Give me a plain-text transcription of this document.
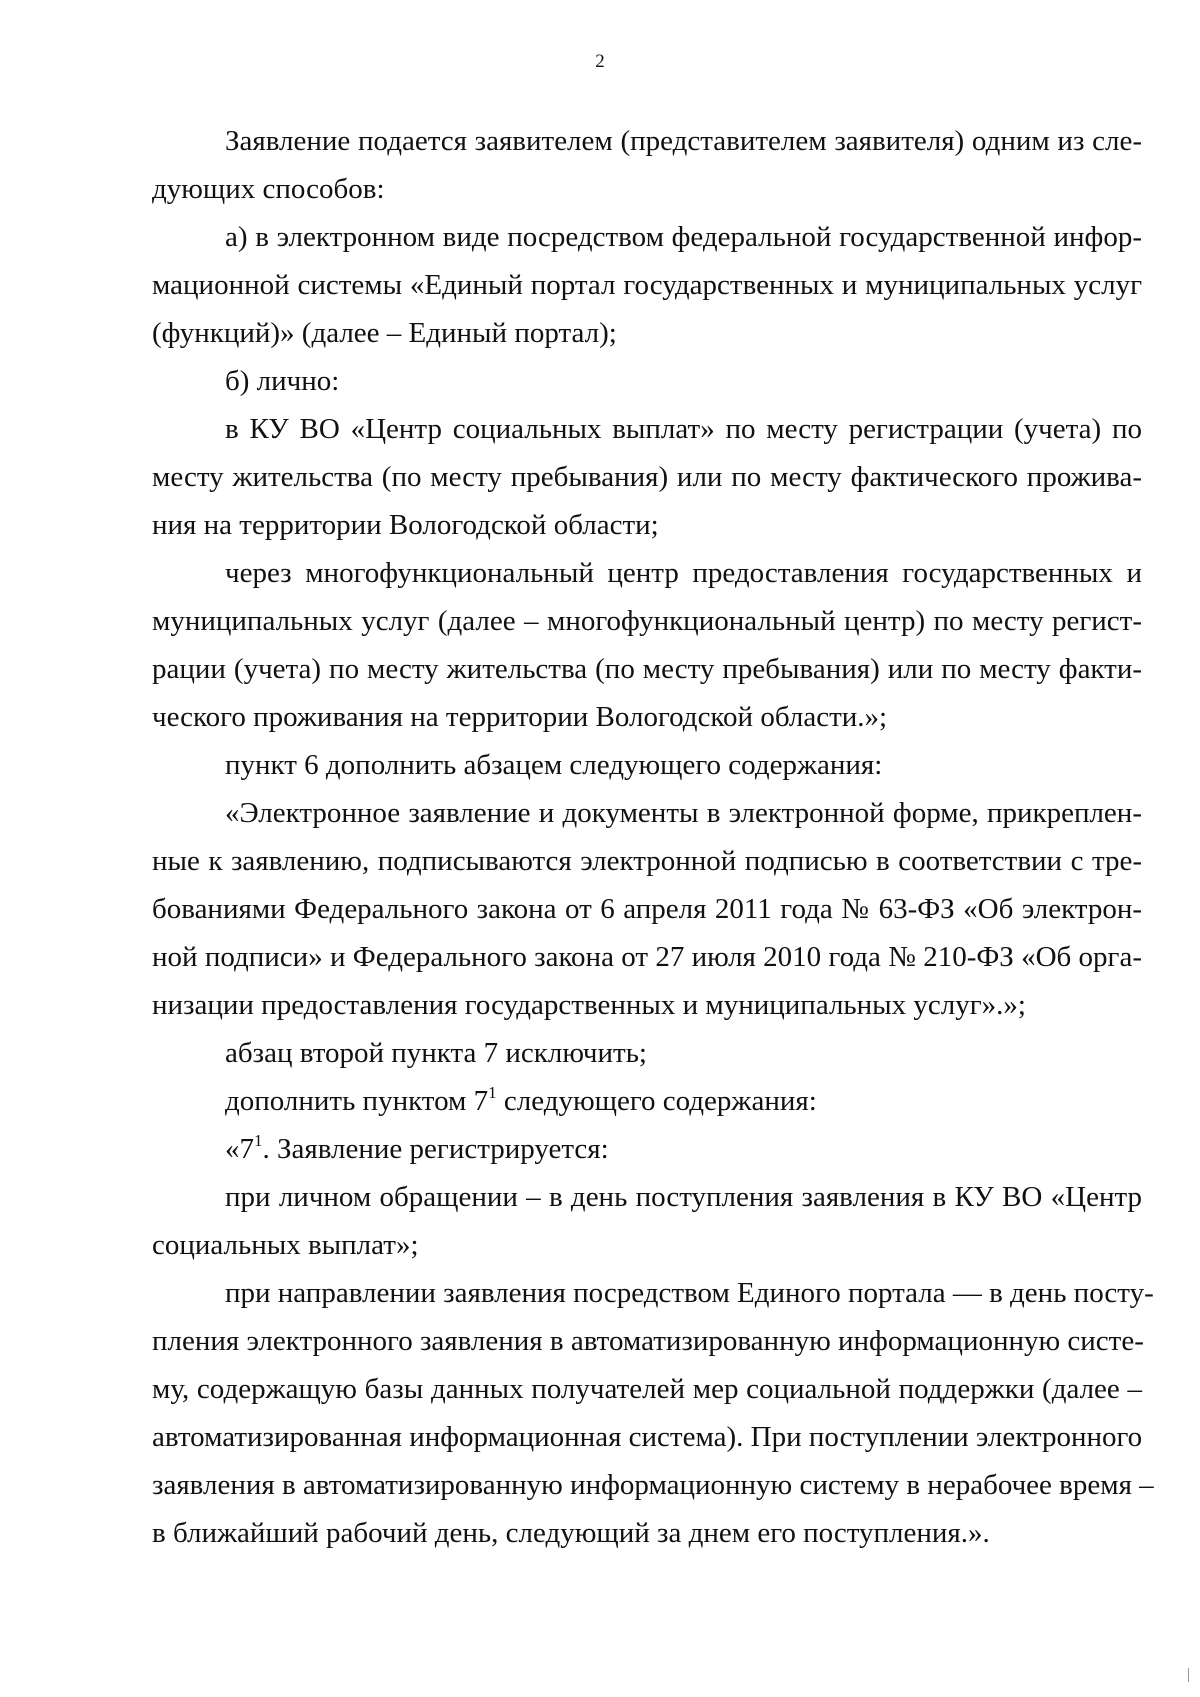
2
Заявление подается заявителем (представителем заявителя) одним из сле-
дующих способов:
а) в электронном виде посредством федеральной государственной инфор-
мационной системы «Единый портал государственных и муниципальных услуг
(функций)» (далее – Единый портал);
б) лично:
в КУ ВО «Центр социальных выплат» по месту регистрации (учета) по
месту жительства (по месту пребывания) или по месту фактического прожива-
ния на территории Вологодской области;
через многофункциональный центр предоставления государственных и
муниципальных услуг (далее – многофункциональный центр) по месту регист-
рации (учета) по месту жительства (по месту пребывания) или по месту факти-
ческого проживания на территории Вологодской области.»;
пункт 6 дополнить абзацем следующего содержания:
«Электронное заявление и документы в электронной форме, прикреплен-
ные к заявлению, подписываются электронной подписью в соответствии с тре-
бованиями Федерального закона от 6 апреля 2011 года № 63-ФЗ «Об электрон-
ной подписи» и Федерального закона от 27 июля 2010 года № 210-ФЗ «Об орга-
низации предоставления государственных и муниципальных услуг».»;
абзац второй пункта 7 исключить;
дополнить пунктом $7^1$ следующего содержания:
«$7^1$. Заявление регистрируется:
при личном обращении – в день поступления заявления в КУ ВО «Центр
социальных выплат»;
при направлении заявления посредством Единого портала — в день посту-
пления электронного заявления в автоматизированную информационную систе-
му, содержащую базы данных получателей мер социальной поддержки (далее –
автоматизированная информационная система). При поступлении электронного
заявления в автоматизированную информационную систему в нерабочее время –
в ближайший рабочий день, следующий за днем его поступления.».
